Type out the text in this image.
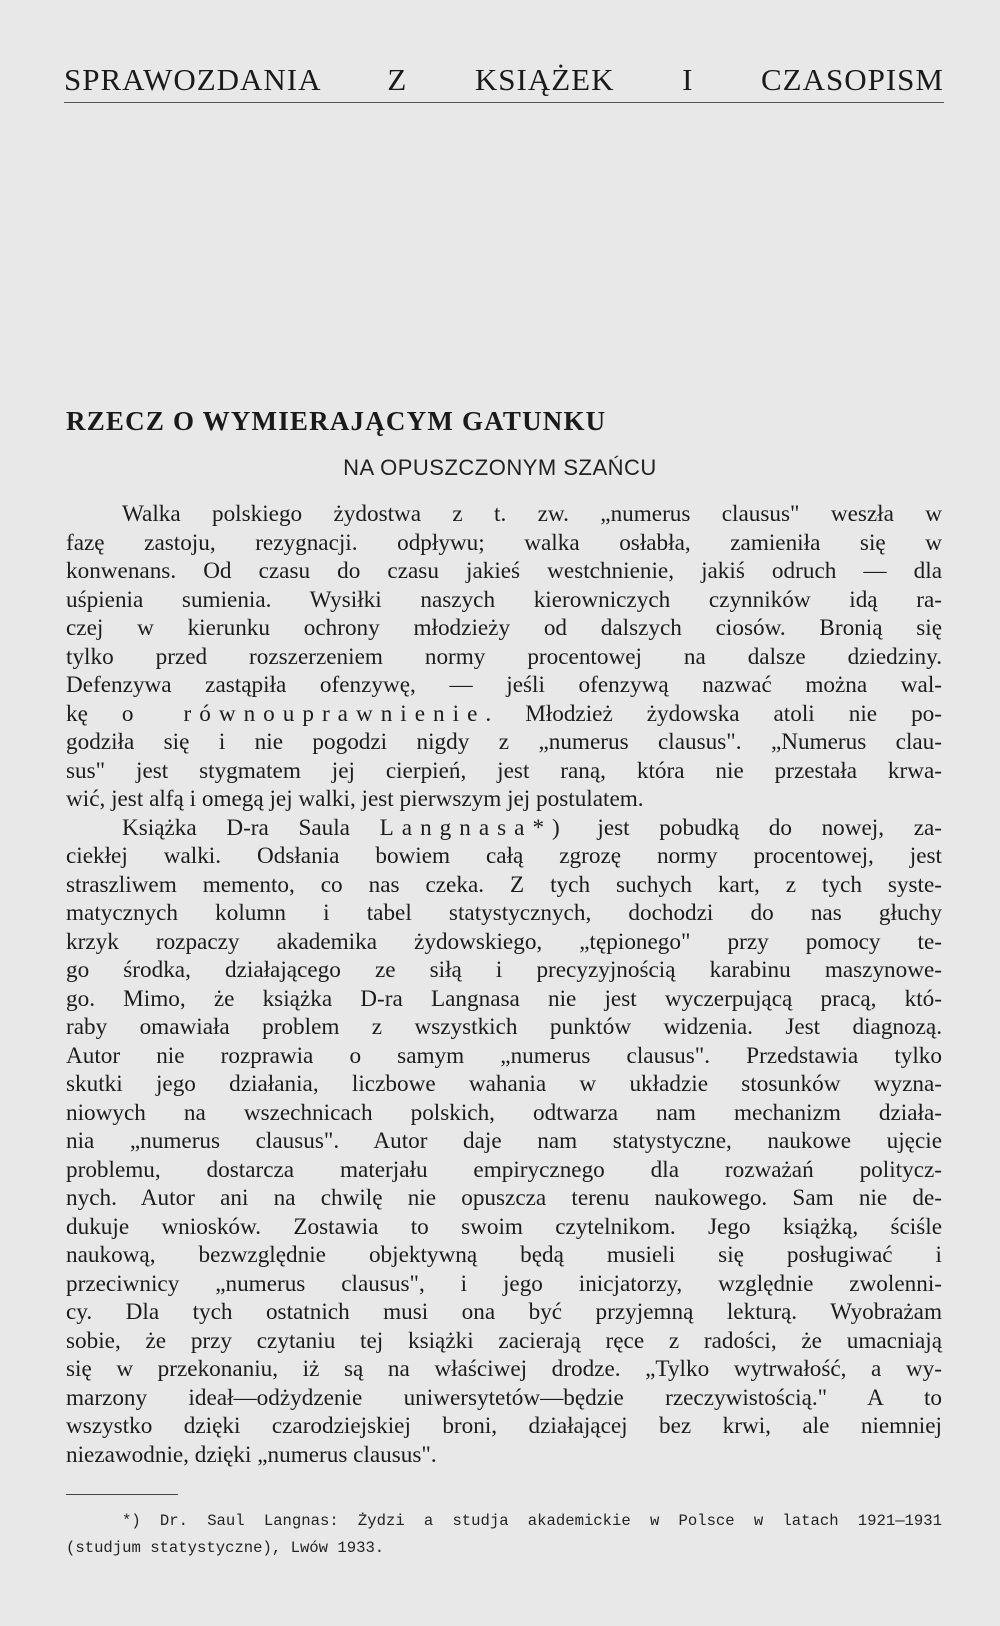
SPRAWOZDANIA Z KSIĄŻEK I CZASOPISM
RZECZ O WYMIERAJĄCYM GATUNKU
NA OPUSZCZONYM SZAŃCU
Walka polskiego żydostwa z t. zw. „numerus clausus" weszła w
fazę zastoju, rezygnacji. odpływu; walka osłabła, zamieniła się w
konwenans. Od czasu do czasu jakieś westchnienie, jakiś odruch — dla
uśpienia sumienia. Wysiłki naszych kierowniczych czynników idą ra-
czej w kierunku ochrony młodzieży od dalszych ciosów. Bronią się
tylko przed rozszerzeniem normy procentowej na dalsze dziedziny.
Defenzywa zastąpiła ofenzywę, — jeśli ofenzywą nazwać można wal-
kę o równouprawnienie. Młodzież żydowska atoli nie po-
godziła się i nie pogodzi nigdy z „numerus clausus". „Numerus clau-
sus" jest stygmatem jej cierpień, jest raną, która nie przestała krwa-
wić, jest alfą i omegą jej walki, jest pierwszym jej postulatem.
Książka D-ra Saula Langnasa*) jest pobudką do nowej, za-
ciekłej walki. Odsłania bowiem całą zgrozę normy procentowej, jest
straszliwem memento, co nas czeka. Z tych suchych kart, z tych syste-
matycznych kolumn i tabel statystycznych, dochodzi do nas głuchy
krzyk rozpaczy akademika żydowskiego, „tępionego" przy pomocy te-
go środka, działającego ze siłą i precyzyjnością karabinu maszynowe-
go. Mimo, że książka D-ra Langnasa nie jest wyczerpującą pracą, któ-
raby omawiała problem z wszystkich punktów widzenia. Jest diagnozą.
Autor nie rozprawia o samym „numerus clausus". Przedstawia tylko
skutki jego działania, liczbowe wahania w układzie stosunków wyzna-
niowych na wszechnicach polskich, odtwarza nam mechanizm działa-
nia „numerus clausus". Autor daje nam statystyczne, naukowe ujęcie
problemu, dostarcza materjału empirycznego dla rozważań politycz-
nych. Autor ani na chwilę nie opuszcza terenu naukowego. Sam nie de-
dukuje wniosków. Zostawia to swoim czytelnikom. Jego książką, ściśle
naukową, bezwzględnie objektywną będą musieli się posługiwać i
przeciwnicy „numerus clausus", i jego inicjatorzy, względnie zwolenni-
cy. Dla tych ostatnich musi ona być przyjemną lekturą. Wyobrażam
sobie, że przy czytaniu tej książki zacierają ręce z radości, że umacniają
się w przekonaniu, iż są na właściwej drodze. „Tylko wytrwałość, a wy-
marzony ideał—odżydzenie uniwersytetów—będzie rzeczywistością." A to
wszystko dzięki czarodziejskiej broni, działającej bez krwi, ale niemniej
niezawodnie, dzięki „numerus clausus".
*) Dr. Saul Langnas: Żydzi a studja akademickie w Polsce w latach 1921—1931
(studjum statystyczne), Lwów 1933.
